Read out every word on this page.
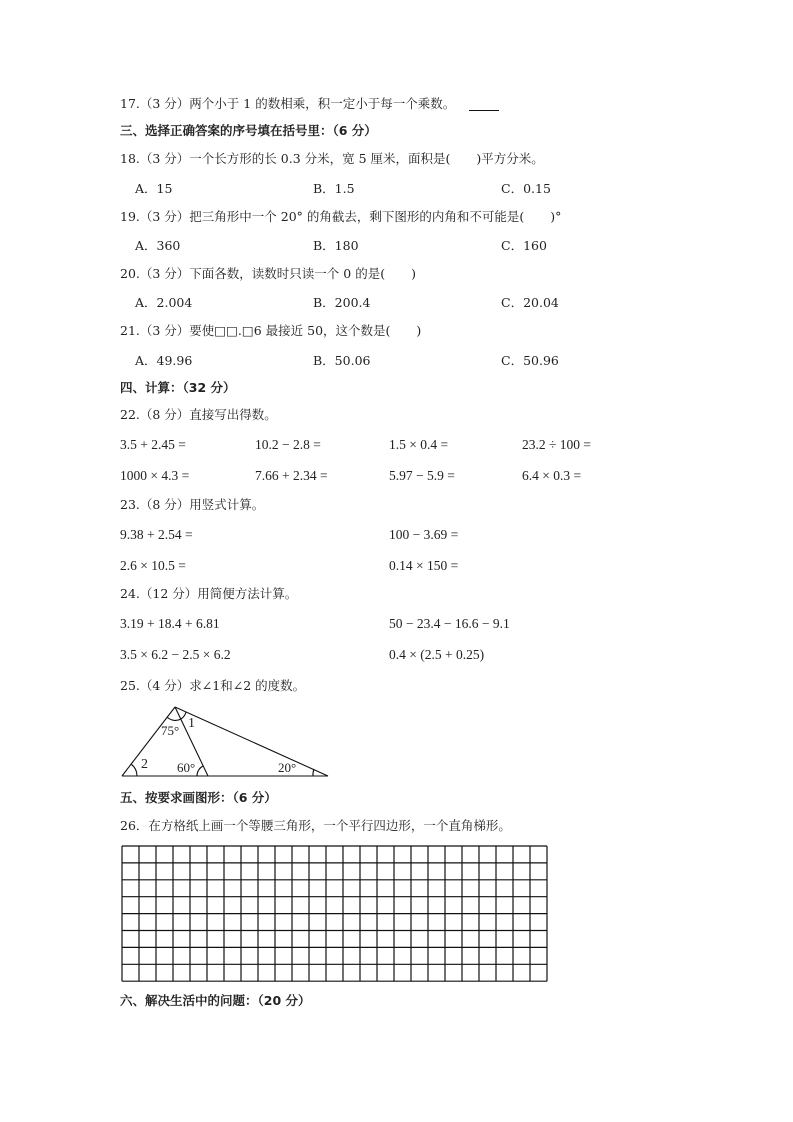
17.（3 分）两个小于 1 的数相乘，积一定小于每一个乘数。
三、选择正确答案的序号填在括号里：（6 分）
18.（3 分）一个长方形的长 0.3 分米，宽 5 厘米，面积是( )平方分米。
A．15	B．1.5	C．0.15
19.（3 分）把三角形中一个 20° 的角截去，剩下图形的内角和不可能是( )°
A．360	B．180	C．160
20.（3 分）下面各数，读数时只读一个 0 的是( )
A．2.004	B．200.4	C．20.04
21.（3 分）要使□□.□6 最接近 50，这个数是( )
A．49.96	B．50.06	C．50.96
四、计算：（32 分）
22.（8 分）直接写出得数。
3.5 + 2.45 =	10.2 − 2.8 =	1.5 × 0.4 =	23.2 ÷ 100 =
1000 × 4.3 =	7.66 + 2.34 =	5.97 − 5.9 =	6.4 × 0.3 =
23.（8 分）用竖式计算。
9.38 + 2.54 =	100 − 3.69 =
2.6 × 10.5 =	0.14 × 150 =
24.（12 分）用简便方法计算。
3.19 + 18.4 + 6.81	50 − 23.4 − 16.6 − 9.1
3.5 × 6.2 − 2.5 × 6.2	0.4 × (2.5 + 0.25)
25.（4 分）求∠1和∠2 的度数。
75° 1
2 60°	20°
五、按要求画图形：（6 分）
26．在方格纸上画一个等腰三角形，一个平行四边形，一个直角梯形。
六、解决生活中的问题：（20 分）
